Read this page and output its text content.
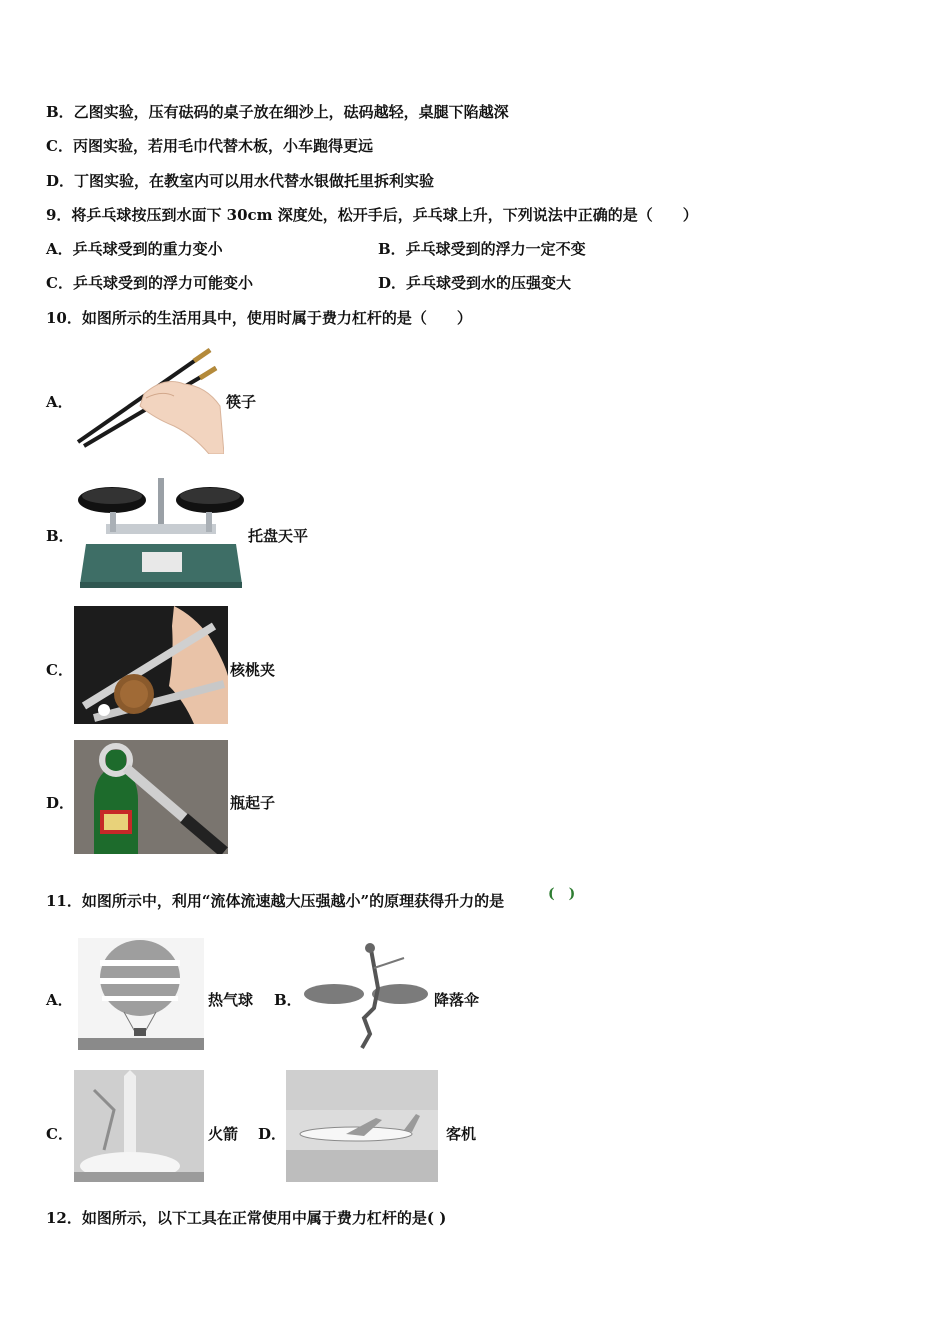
B．乙图实验，压有砝码的桌子放在细沙上，砝码越轻，桌腿下陷越深
C．丙图实验，若用毛巾代替木板，小车跑得更远
D．丁图实验，在教室内可以用水代替水银做托里拆利实验
9．将乒乓球按压到水面下 30cm 深度处，松开手后，乒乓球上升，下列说法中正确的是（　　）
A．乒乓球受到的重力变小	B．乒乓球受到的浮力一定不变
C．乒乓球受到的浮力可能变小	D．乒乓球受到水的压强变大
10．如图所示的生活用具中，使用时属于费力杠杆的是（　　）
A．	筷子
B．	托盘天平
C．	核桃夹
D．	瓶起子
11．如图所示中，利用“流体流速越大压强越小”的原理获得升力的是	(　)
A．	热气球 B．	降落伞
C．	火箭 D．	客机
12．如图所示，以下工具在正常使用中属于费力杠杆的是( )
